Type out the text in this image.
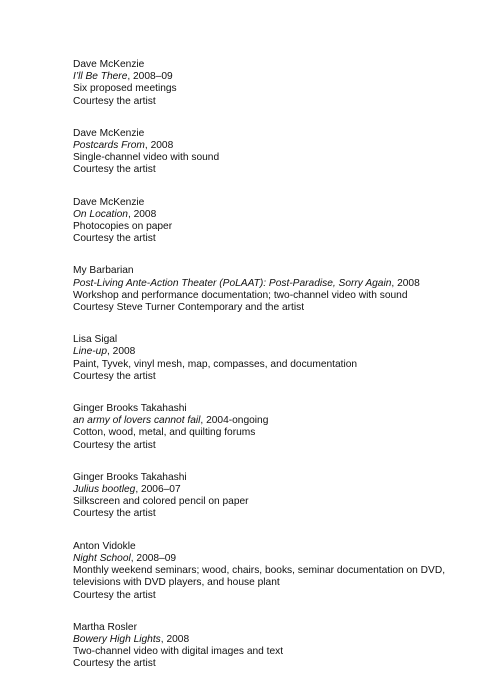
Dave McKenzie
I’ll Be There, 2008–09
Six proposed meetings
Courtesy the artist
Dave McKenzie
Postcards From, 2008
Single-channel video with sound
Courtesy the artist
Dave McKenzie
On Location, 2008
Photocopies on paper
Courtesy the artist
My Barbarian
Post-Living Ante-Action Theater (PoLAAT): Post-Paradise, Sorry Again, 2008
Workshop and performance documentation; two-channel video with sound
Courtesy Steve Turner Contemporary and the artist
Lisa Sigal
Line-up, 2008
Paint, Tyvek, vinyl mesh, map, compasses, and documentation
Courtesy the artist
Ginger Brooks Takahashi
an army of lovers cannot fail, 2004-ongoing
Cotton, wood, metal, and quilting forums
Courtesy the artist
Ginger Brooks Takahashi
Julius bootleg, 2006–07
Silkscreen and colored pencil on paper
Courtesy the artist
Anton Vidokle
Night School, 2008–09
Monthly weekend seminars; wood, chairs, books, seminar documentation on DVD, televisions with DVD players, and house plant
Courtesy the artist
Martha Rosler
Bowery High Lights, 2008
Two-channel video with digital images and text
Courtesy the artist
